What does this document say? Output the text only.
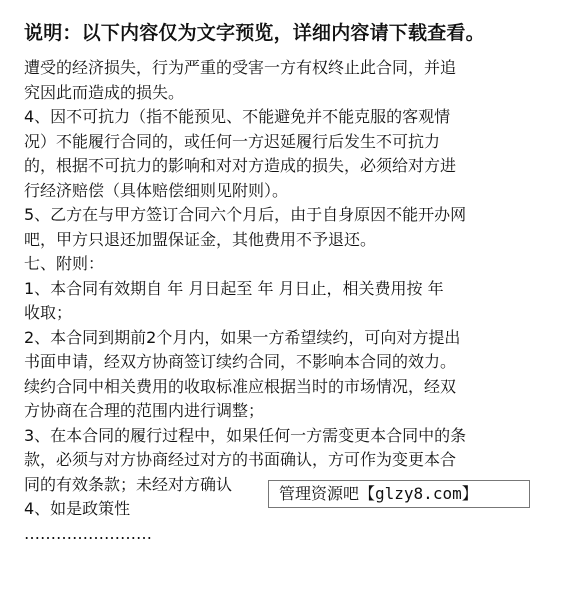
说明：以下内容仅为文字预览，详细内容请下载查看。
遭受的经济损失，行为严重的受害一方有权终止此合同，并追
究因此而造成的损失。
4、因不可抗力（指不能预见、不能避免并不能克服的客观情
况）不能履行合同的，或任何一方迟延履行后发生不可抗力
的，根据不可抗力的影响和对对方造成的损失，必须给对方进
行经济赔偿（具体赔偿细则见附则）。
5、乙方在与甲方签订合同六个月后，由于自身原因不能开办网
吧，甲方只退还加盟保证金，其他费用不予退还。
七、附则：
1、本合同有效期自 年 月日起至 年 月日止，相关费用按 年
收取；
2、本合同到期前2个月内，如果一方希望续约，可向对方提出
书面申请，经双方协商签订续约合同，不影响本合同的效力。
续约合同中相关费用的收取标准应根据当时的市场情况，经双
方协商在合理的范围内进行调整；
3、在本合同的履行过程中，如果任何一方需变更本合同中的条
款，必须与对方协商经过对方的书面确认，方可作为变更本合
同的有效条款；未经对方确认
4、如是政策性
……………………
管理资源吧【glzy8.com】
